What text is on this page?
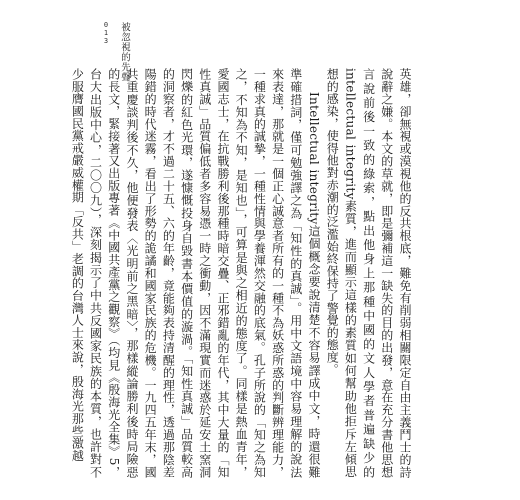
013 被忽視的先聲

英雄，卻無視或漠視他的反共根底，難免有削弱相關限定自由主義鬥士的詩說辭之嫌。本文的草就，即是彌補這一缺失的目的出發，意在充分書他思想言說前後一致的綠索，點出他身上那種中國的文人學者普遍缺少的intellectual integrity素質，進而顯示這樣的素質如何幫助他拒斥左傾思想的感染，使得他對赤潮的泛濫始終保持了警覺的態度。

Intellectual integrity這個概念要說清楚不容易譯成中文，時還很難準確措詞，僅可勉強譯之為「知性的真誠」。用中文語境中容易理解的說法來表達，那就是一個正心誠意者所有的一種不為妖惑所惑的判斷辨理能力，一種求真的誠摯，一種性情與學養渾然交融的底氣。孔子所說的「知之為知之，不知為不知，是知也」，可算是與之相近的態度了。同樣是熱血青年，愛國志士，在抗戰勝利後那種時暗交疊、正邪錯亂的年代，其中大量的「知性真誠」品質偏低者多容易憑一時之衝動，因不滿現實而迷惑於延安土窯洞閃爍的紅色光環，遂慷慨投身自毀書本價值的漩渦。「知性真誠」品質較高的洞察者，才不過二十五、六的年齡，竟能夠表持清醒的理性，透過那陰差陽錯的時代迷霧，看出了形勢的詭譎和國家民族的危機。一九四五年末，國共重慶談判後不久，他便發表〈光明前之黑暗〉，那樣縱論勝利後時局險惡的長文，緊接著又出版專著《中國共產黨之觀察》（均見《殷海光全集》5，台大出版中心，二〇〇九），深刻揭示了中共反國家民族的本質，也許對不少服膺國民黨戒嚴威權期「反共」老調的台灣人士來說，殷海光那些激越
